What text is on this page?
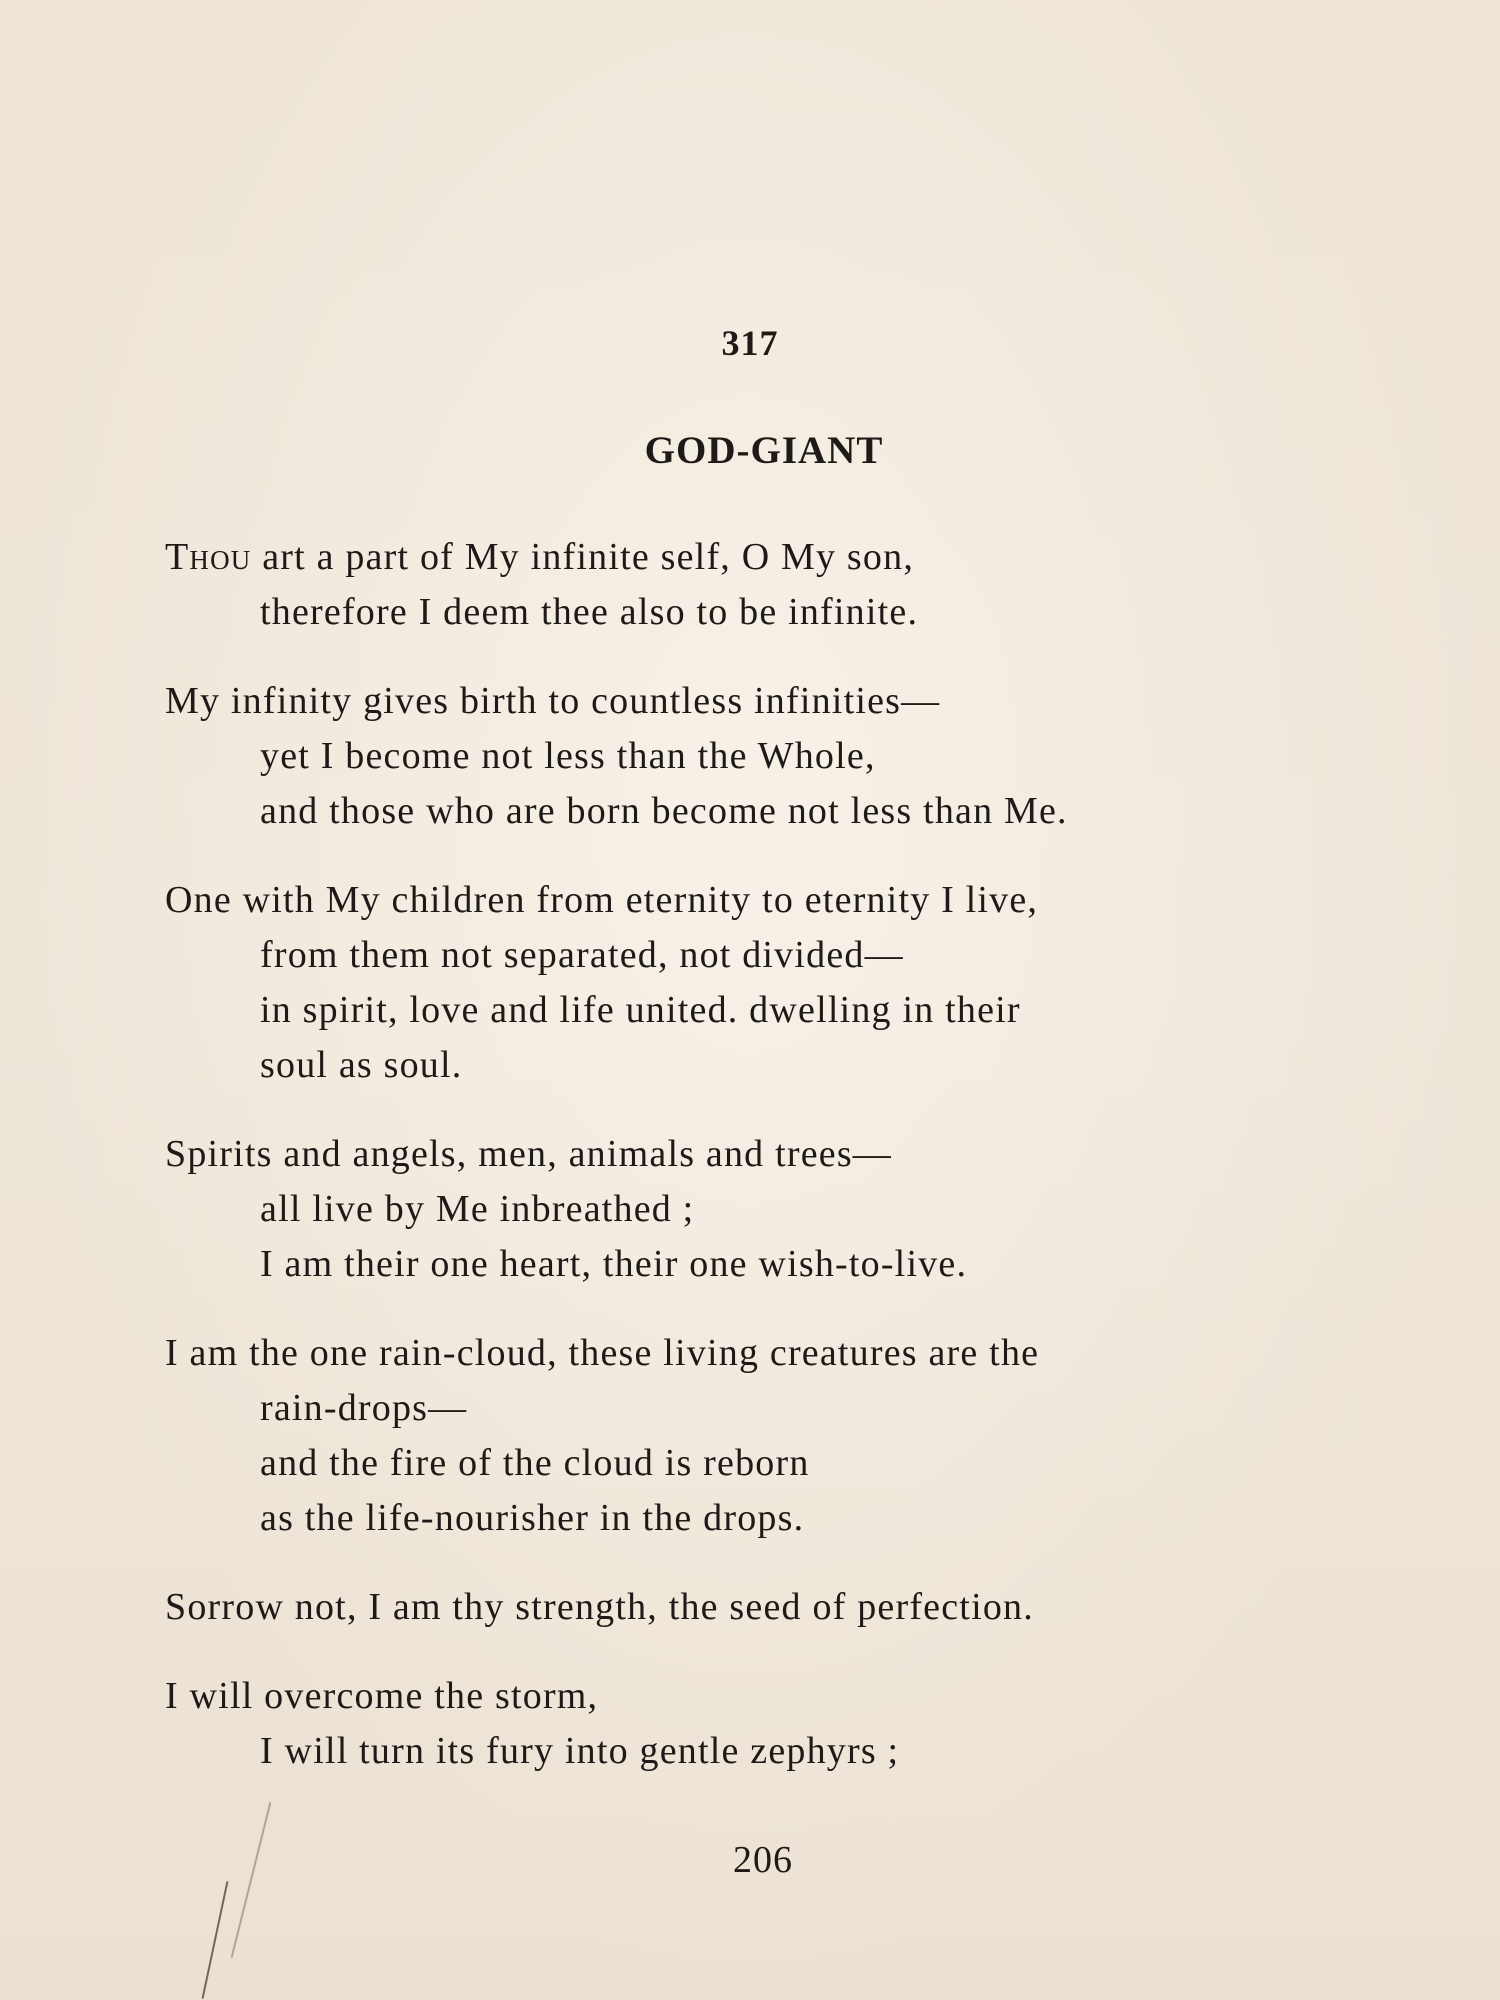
317
GOD-GIANT
Thou art a part of My infinite self, O My son,
therefore I deem thee also to be infinite.
My infinity gives birth to countless infinities—
yet I become not less than the Whole,
and those who are born become not less than Me.
One with My children from eternity to eternity I live,
from them not separated, not divided—
in spirit, love and life united. dwelling in their
soul as soul.
Spirits and angels, men, animals and trees—
all live by Me inbreathed ;
I am their one heart, their one wish-to-live.
I am the one rain-cloud, these living creatures are the
rain-drops—
and the fire of the cloud is reborn
as the life-nourisher in the drops.
Sorrow not, I am thy strength, the seed of perfection.
I will overcome the storm,
I will turn its fury into gentle zephyrs ;
206
